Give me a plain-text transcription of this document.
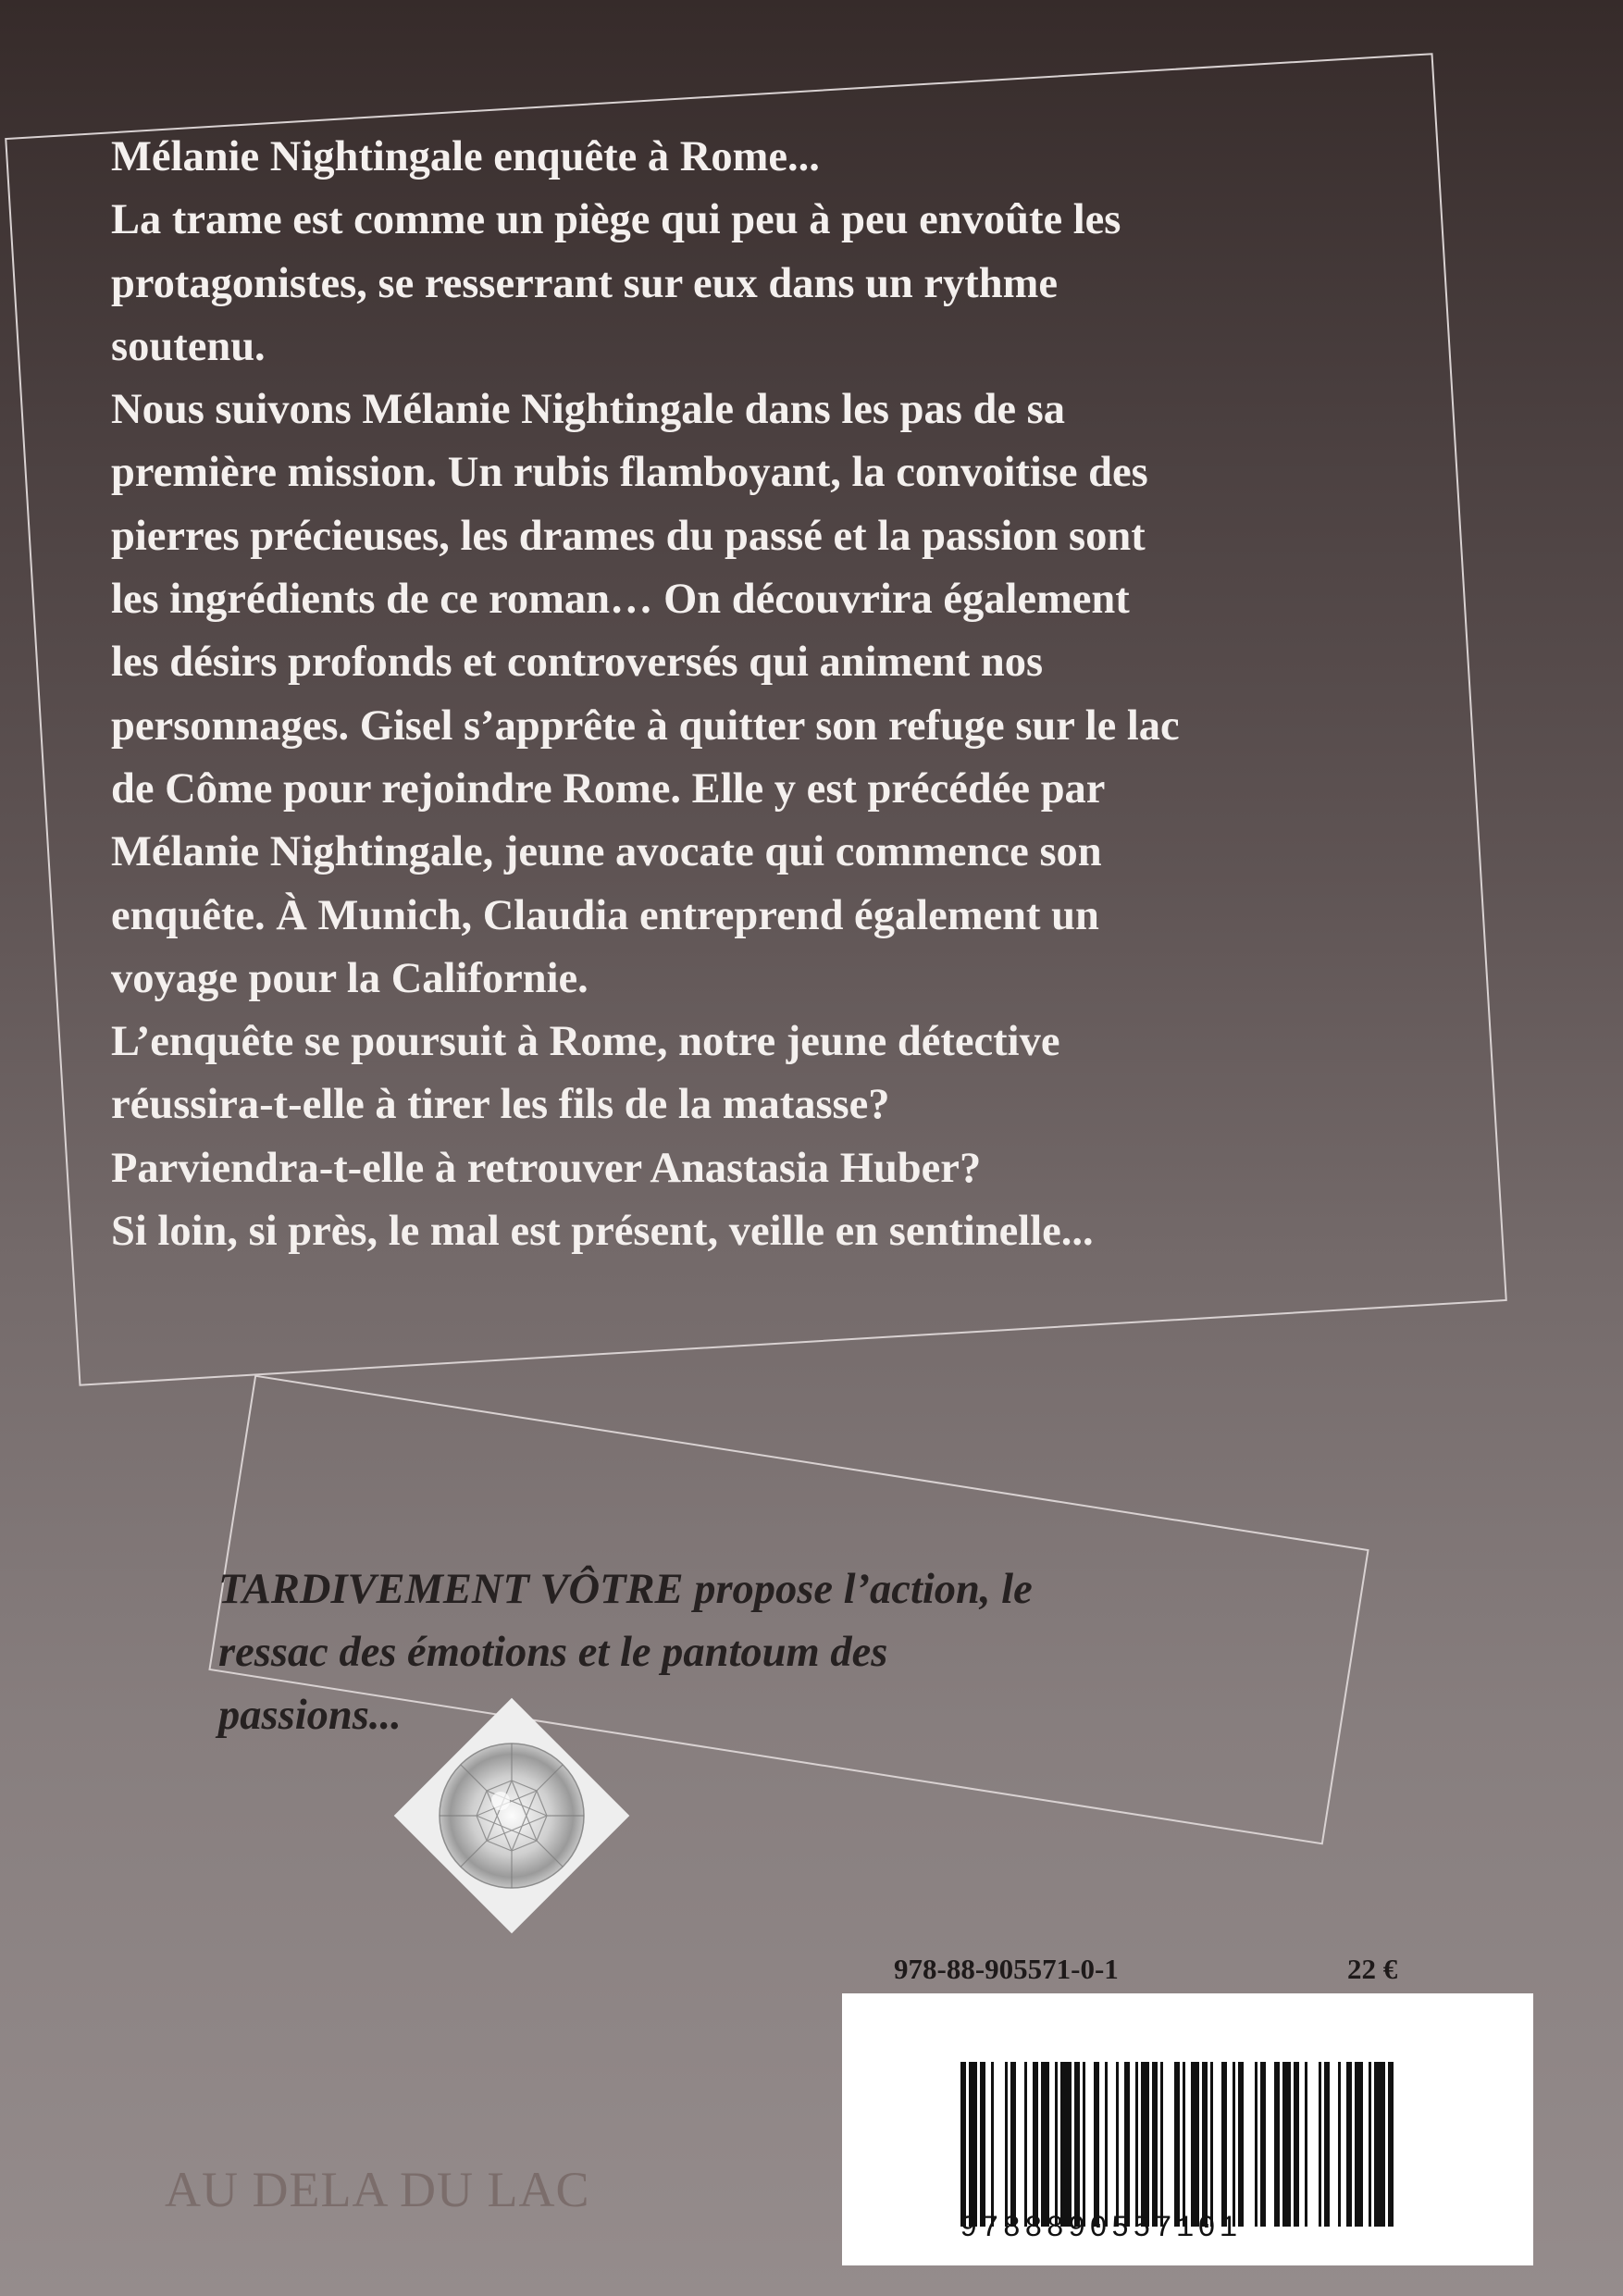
Mélanie Nightingale enquête à Rome...

La trame est comme un piège qui peu à peu envoûte les

protagonistes, se resserrant sur eux dans un rythme

soutenu.

Nous suivons Mélanie Nightingale dans les pas de sa

première mission. Un rubis flamboyant, la convoitise des

pierres précieuses, les drames du passé et la passion sont

les ingrédients de ce roman… On découvrira également

les désirs profonds et controversés qui animent nos

personnages. Gisel s’apprête à quitter son refuge sur le lac

de Côme pour rejoindre Rome. Elle y est précédée par

Mélanie Nightingale, jeune avocate qui commence son

enquête. À Munich, Claudia entreprend également un

voyage pour la Californie.

L’enquête se poursuit à Rome, notre jeune détective

réussira-t-elle à tirer les fils de la matasse?

Parviendra-t-elle à retrouver Anastasia Huber?

Si loin, si près, le mal est présent, veille en sentinelle...

TARDIVEMENT VÔTRE propose l’action, le

ressac des émotions et le pantoum des

passions...

978-88-905571-0-1	22 €
9788890557101
AU DELA DU LAC
